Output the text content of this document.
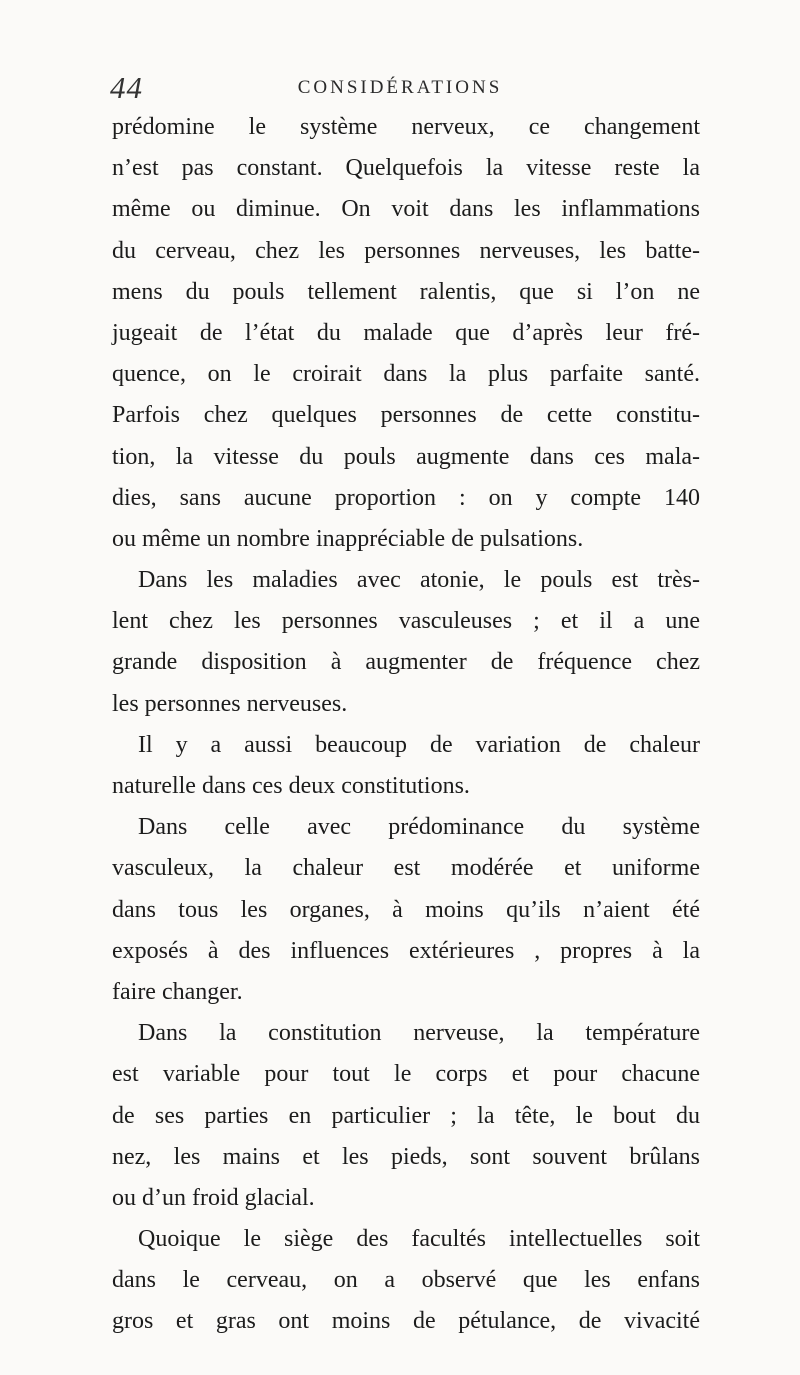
44	CONSIDÉRATIONS
prédomine le système nerveux, ce changement
n’est pas constant. Quelquefois la vitesse reste la
même ou diminue. On voit dans les inflammations
du cerveau, chez les personnes nerveuses, les batte-
mens du pouls tellement ralentis, que si l’on ne
jugeait de l’état du malade que d’après leur fré-
quence, on le croirait dans la plus parfaite santé.
Parfois chez quelques personnes de cette constitu-
tion, la vitesse du pouls augmente dans ces mala-
dies, sans aucune proportion : on y compte 140
ou même un nombre inappréciable de pulsations.
Dans les maladies avec atonie, le pouls est très-
lent chez les personnes vasculeuses ; et il a une
grande disposition à augmenter de fréquence chez
les personnes nerveuses.
Il y a aussi beaucoup de variation de chaleur
naturelle dans ces deux constitutions.
Dans celle avec prédominance du système
vasculeux, la chaleur est modérée et uniforme
dans tous les organes, à moins qu’ils n’aient été
exposés à des influences extérieures , propres à la
faire changer.
Dans la constitution nerveuse, la température
est variable pour tout le corps et pour chacune
de ses parties en particulier ; la tête, le bout du
nez, les mains et les pieds, sont souvent brûlans
ou d’un froid glacial.
Quoique le siège des facultés intellectuelles soit
dans le cerveau, on a observé que les enfans
gros et gras ont moins de pétulance, de vivacité
